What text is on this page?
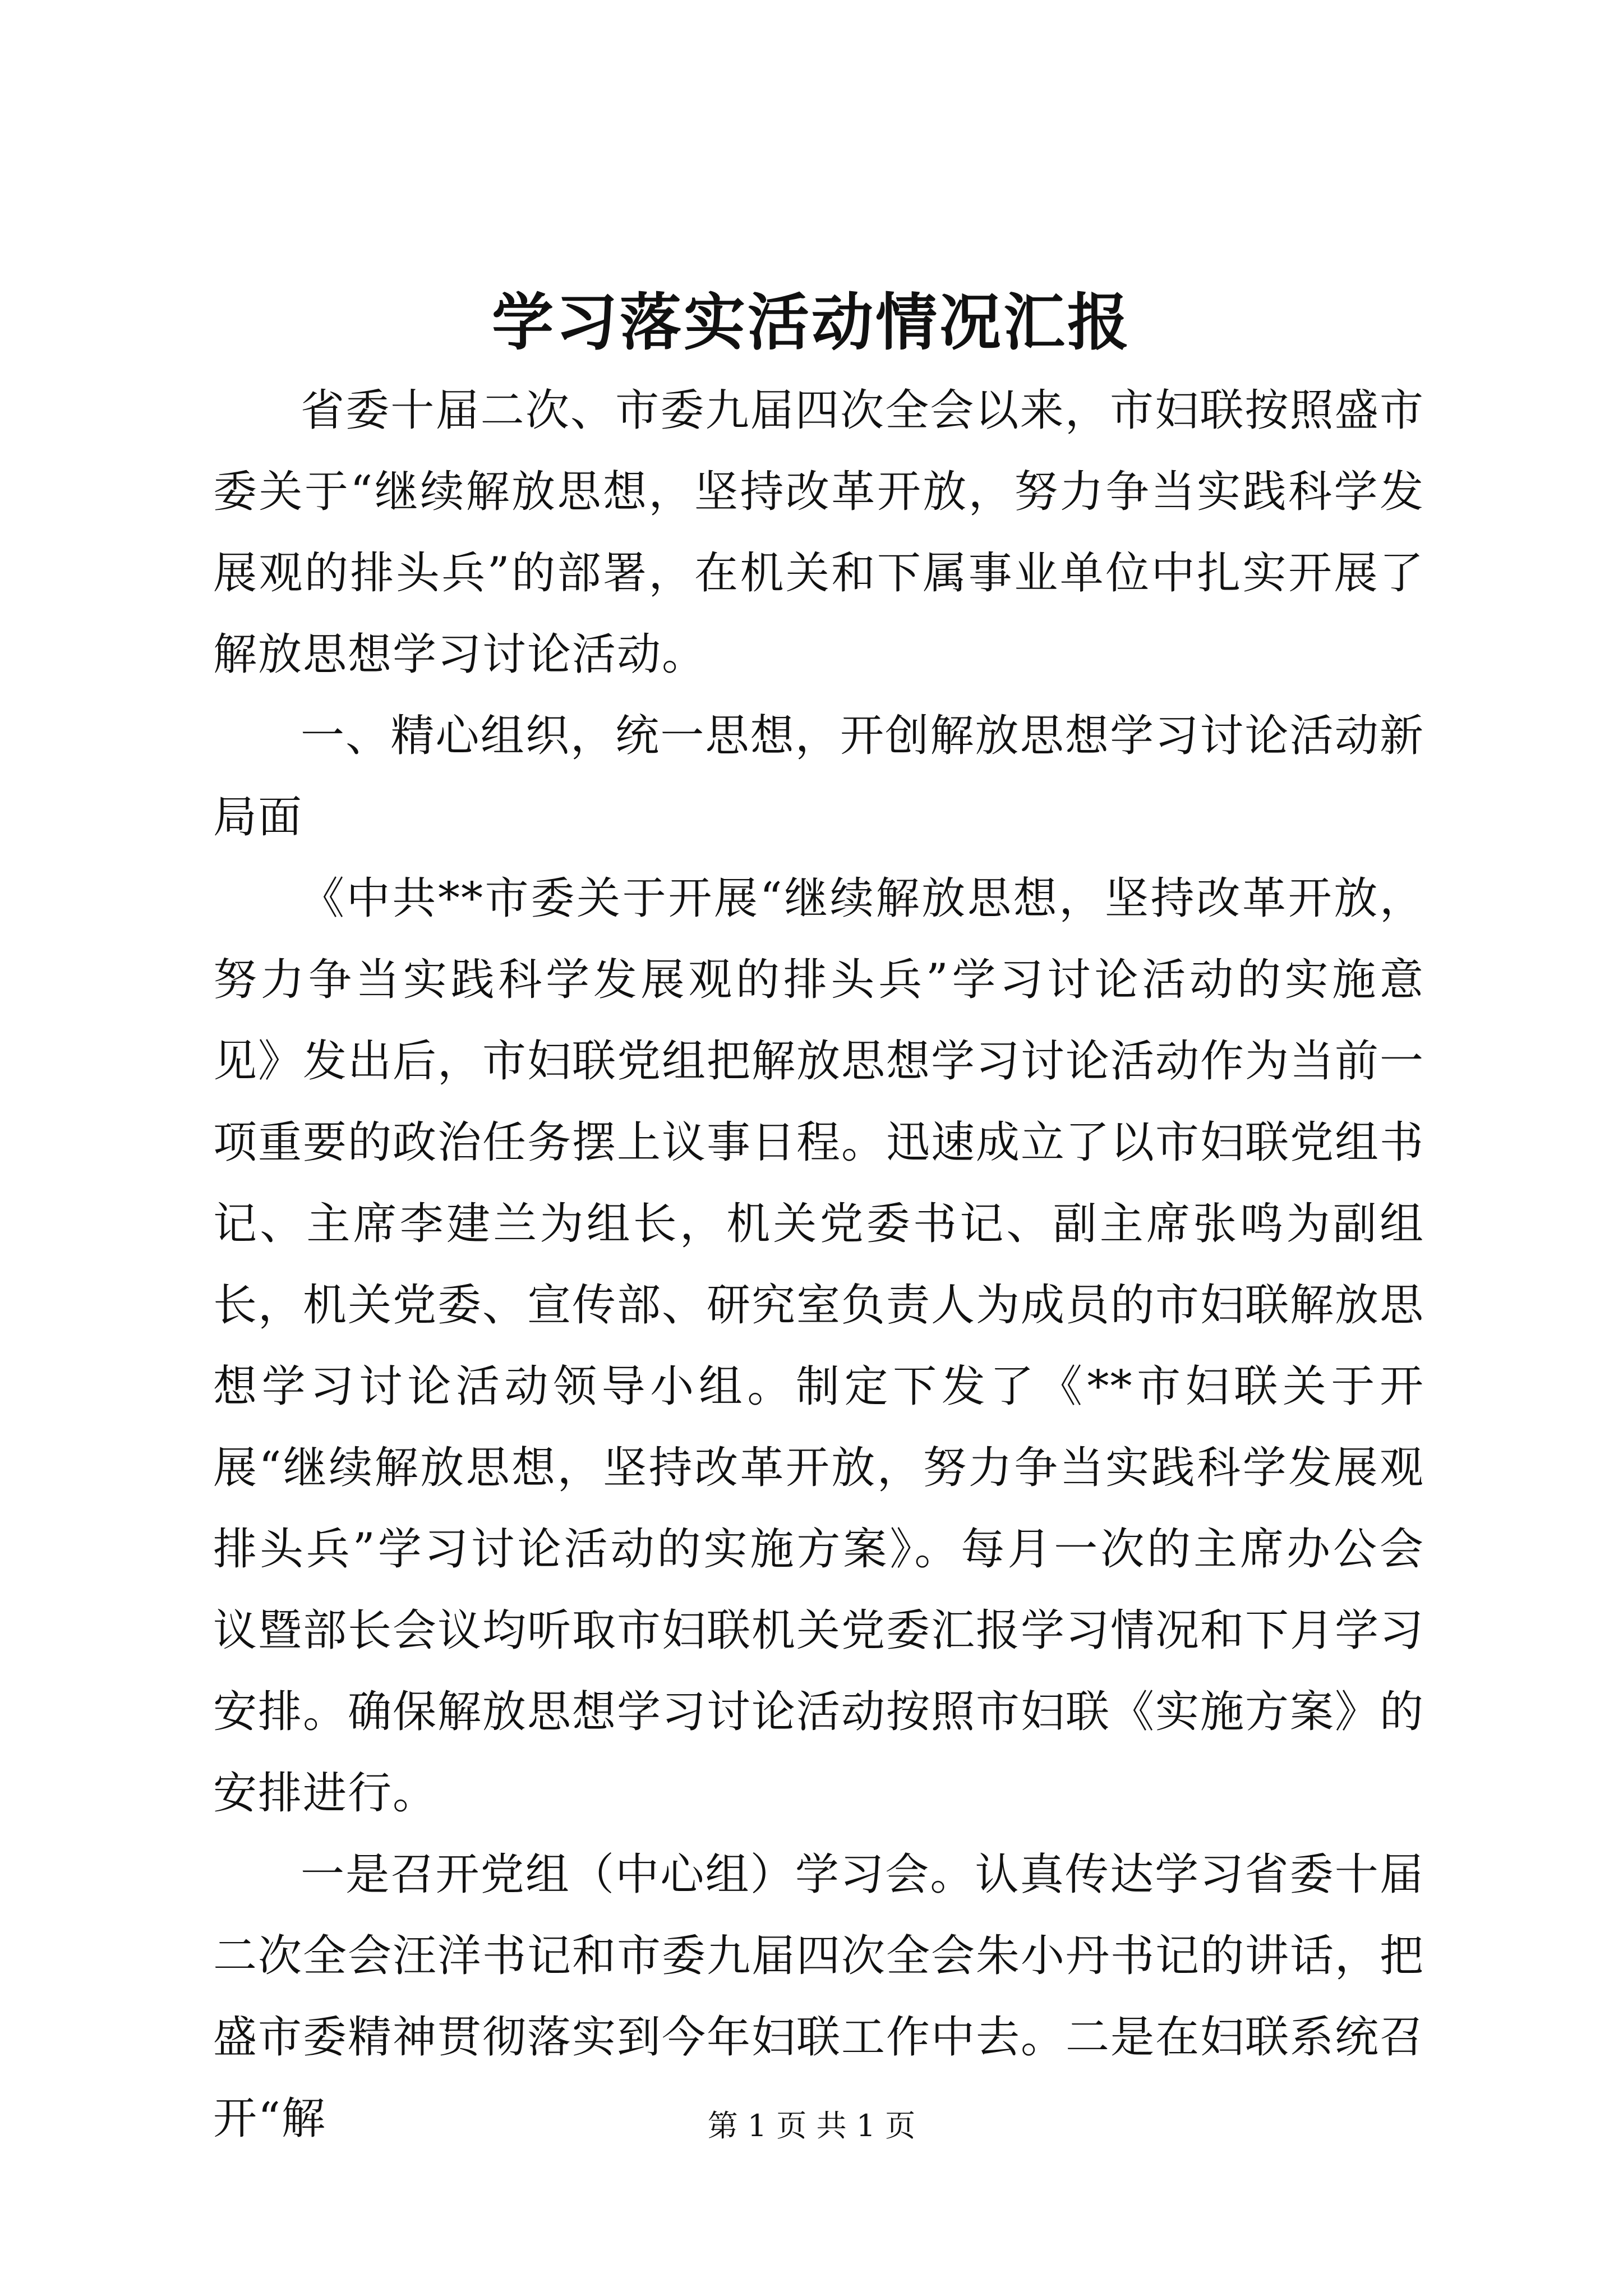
学习落实活动情况汇报

省委十届二次、市委九届四次全会以来，市妇联按照盛市委关于“继续解放思想，坚持改革开放，努力争当实践科学发展观的排头兵”的部署，在机关和下属事业单位中扎实开展了解放思想学习讨论活动。

一、精心组织，统一思想，开创解放思想学习讨论活动新局面

《中共**市委关于开展“继续解放思想，坚持改革开放，努力争当实践科学发展观的排头兵”学习讨论活动的实施意见》发出后，市妇联党组把解放思想学习讨论活动作为当前一项重要的政治任务摆上议事日程。迅速成立了以市妇联党组书记、主席李建兰为组长，机关党委书记、副主席张鸣为副组长，机关党委、宣传部、研究室负责人为成员的市妇联解放思想学习讨论活动领导小组。制定下发了《**市妇联关于开展“继续解放思想，坚持改革开放，努力争当实践科学发展观排头兵”学习讨论活动的实施方案》。每月一次的主席办公会议暨部长会议均听取市妇联机关党委汇报学习情况和下月学习安排。确保解放思想学习讨论活动按照市妇联《实施方案》的安排进行。

一是召开党组（中心组）学习会。认真传达学习省委十届二次全会汪洋书记和市委九届四次全会朱小丹书记的讲话，把盛市委精神贯彻落实到今年妇联工作中去。二是在妇联系统召开“解	第 1 页 共 1 页
